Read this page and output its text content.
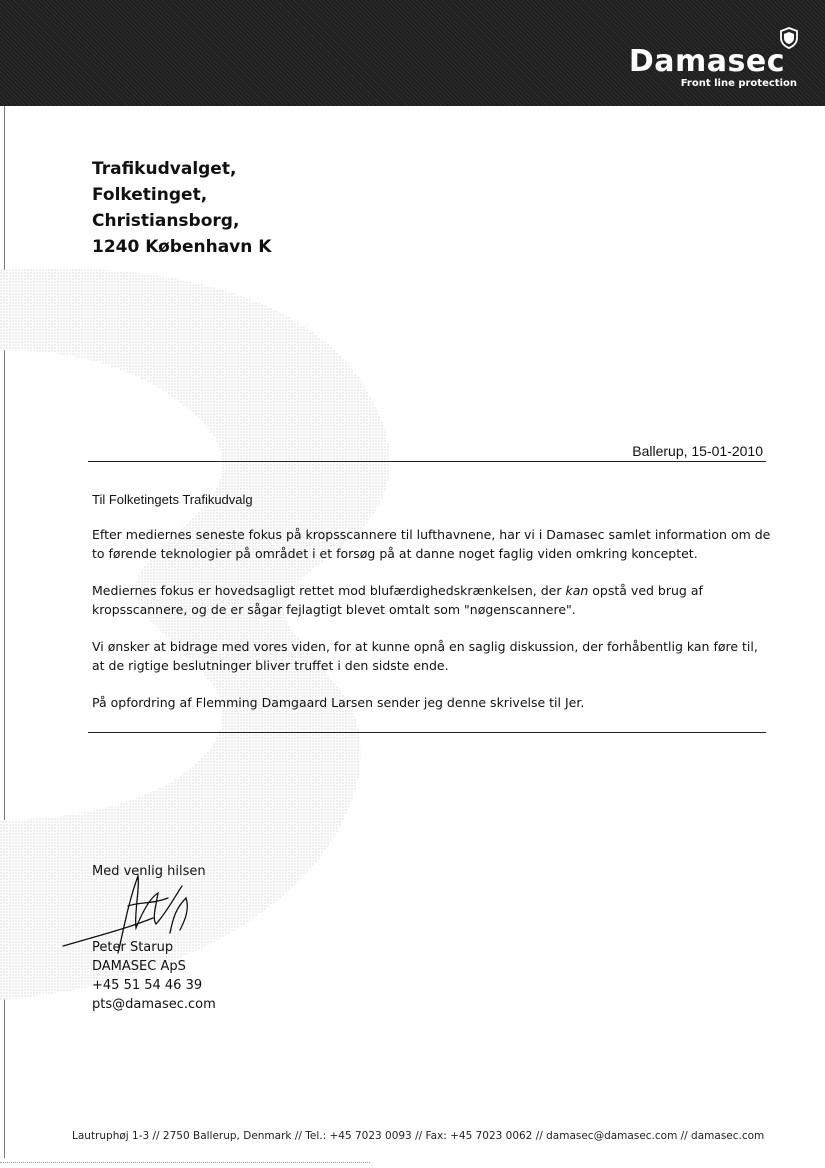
Damasec
Front line protection
Trafikudvalget,
Folketinget,
Christiansborg,
1240 København K
Ballerup, 15-01-2010
Til Folketingets Trafikudvalg

Efter mediernes seneste fokus på kropsscannere til lufthavnene, har vi i Damasec samlet information om de

to førende teknologier på området i et forsøg på at danne noget faglig viden omkring konceptet.

Mediernes fokus er hovedsagligt rettet mod blufærdighedskrænkelsen, der kan opstå ved brug af

kropsscannere, og de er sågar fejlagtigt blevet omtalt som "nøgenscannere".

Vi ønsker at bidrage med vores viden, for at kunne opnå en saglig diskussion, der forhåbentlig kan føre til,

at de rigtige beslutninger bliver truffet i den sidste ende.

På opfordring af Flemming Damgaard Larsen sender jeg denne skrivelse til Jer.

Med venlig hilsen
Peter Starup
DAMASEC ApS
+45 51 54 46 39
pts@damasec.com
Lautruphøj 1-3 // 2750 Ballerup, Denmark // Tel.: +45 7023 0093 // Fax: +45 7023 0062 // damasec@damasec.com // damasec.com
